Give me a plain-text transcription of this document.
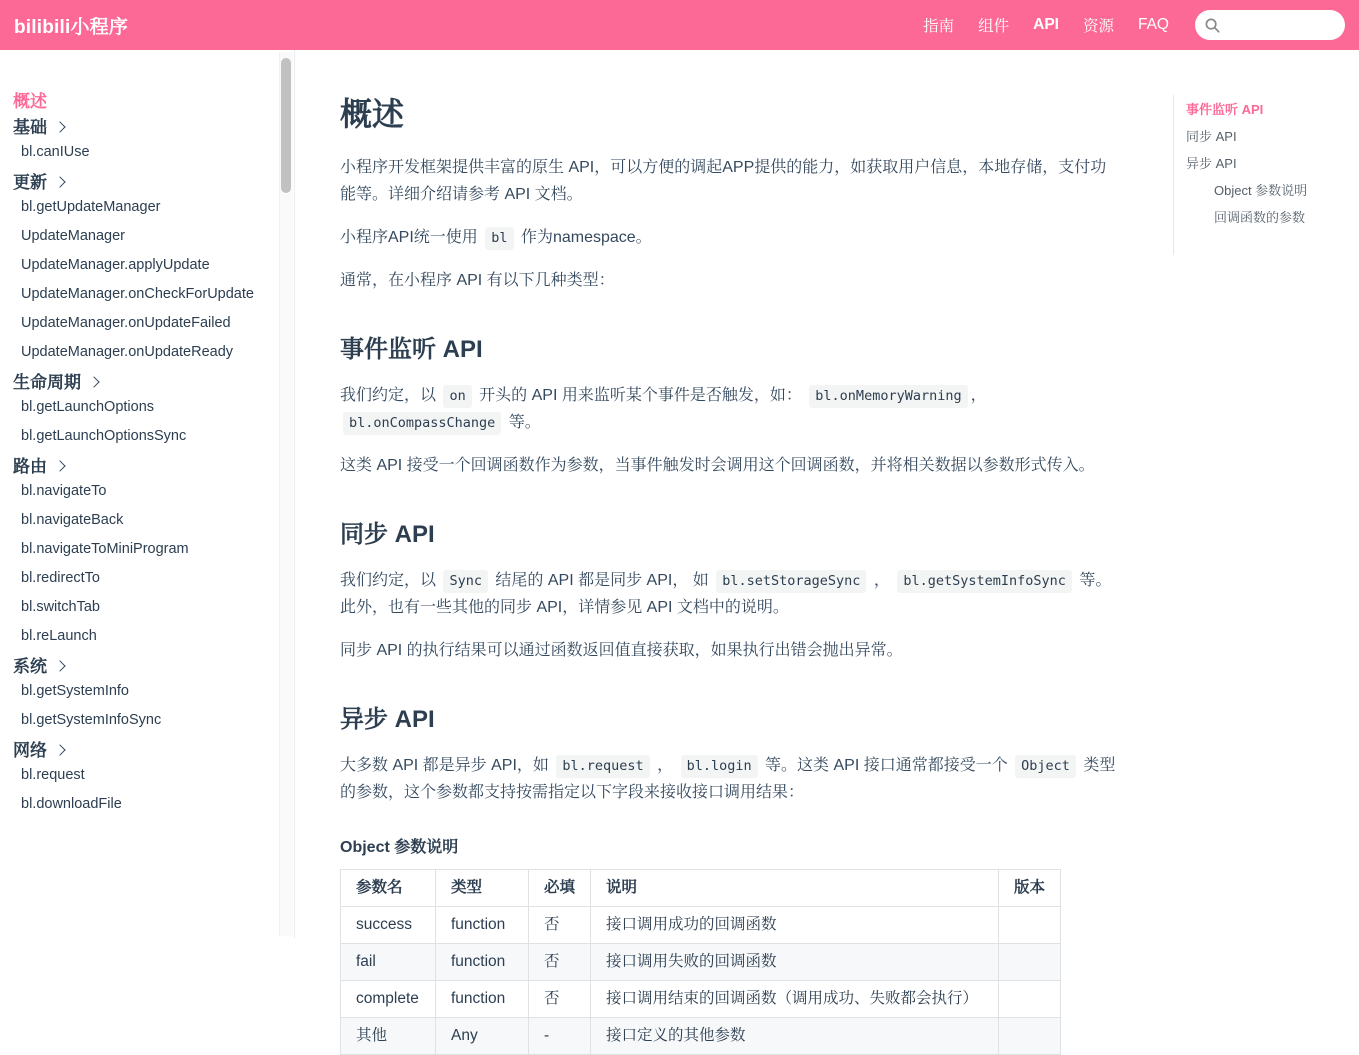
bilibili小程序	指南 组件 API 资源 FAQ
概述
基础
bl.canIUse
更新
bl.getUpdateManager
UpdateManager
UpdateManager.applyUpdate
UpdateManager.onCheckForUpdate
UpdateManager.onUpdateFailed
UpdateManager.onUpdateReady
生命周期
bl.getLaunchOptions
bl.getLaunchOptionsSync
路由
bl.navigateTo
bl.navigateBack
bl.navigateToMiniProgram
bl.redirectTo
bl.switchTab
bl.reLaunch
系统
bl.getSystemInfo
bl.getSystemInfoSync
网络
bl.request
bl.downloadFile
概述

小程序开发框架提供丰富的原生 API，可以方便的调起APP提供的能力，如获取用户信息，本地存储，支付功能等。详细介绍请参考 API 文档。

小程序API统一使用 bl 作为namespace。

通常，在小程序 API 有以下几种类型：

事件监听 API

我们约定，以 on 开头的 API 用来监听某个事件是否触发，如： bl.onMemoryWarning ，bl.onCompassChange 等。

这类 API 接受一个回调函数作为参数，当事件触发时会调用这个回调函数，并将相关数据以参数形式传入。

同步 API

我们约定，以 Sync 结尾的 API 都是同步 API， 如 bl.setStorageSync ， bl.getSystemInfoSync 等。此外，也有一些其他的同步 API，详情参见 API 文档中的说明。

同步 API 的执行结果可以通过函数返回值直接获取，如果执行出错会抛出异常。

异步 API

大多数 API 都是异步 API，如 bl.request ， bl.login 等。这类 API 接口通常都接受一个 Object 类型的参数，这个参数都支持按需指定以下字段来接收接口调用结果：

Object 参数说明
参数名	类型	必填	说明	版本
success	function	否	接口调用成功的回调函数	
fail	function	否	接口调用失败的回调函数	
complete	function	否	接口调用结束的回调函数（调用成功、失败都会执行）	
其他	Any	-	接口定义的其他参数	
事件监听 API
同步 API
异步 API
Object 参数说明
回调函数的参数
